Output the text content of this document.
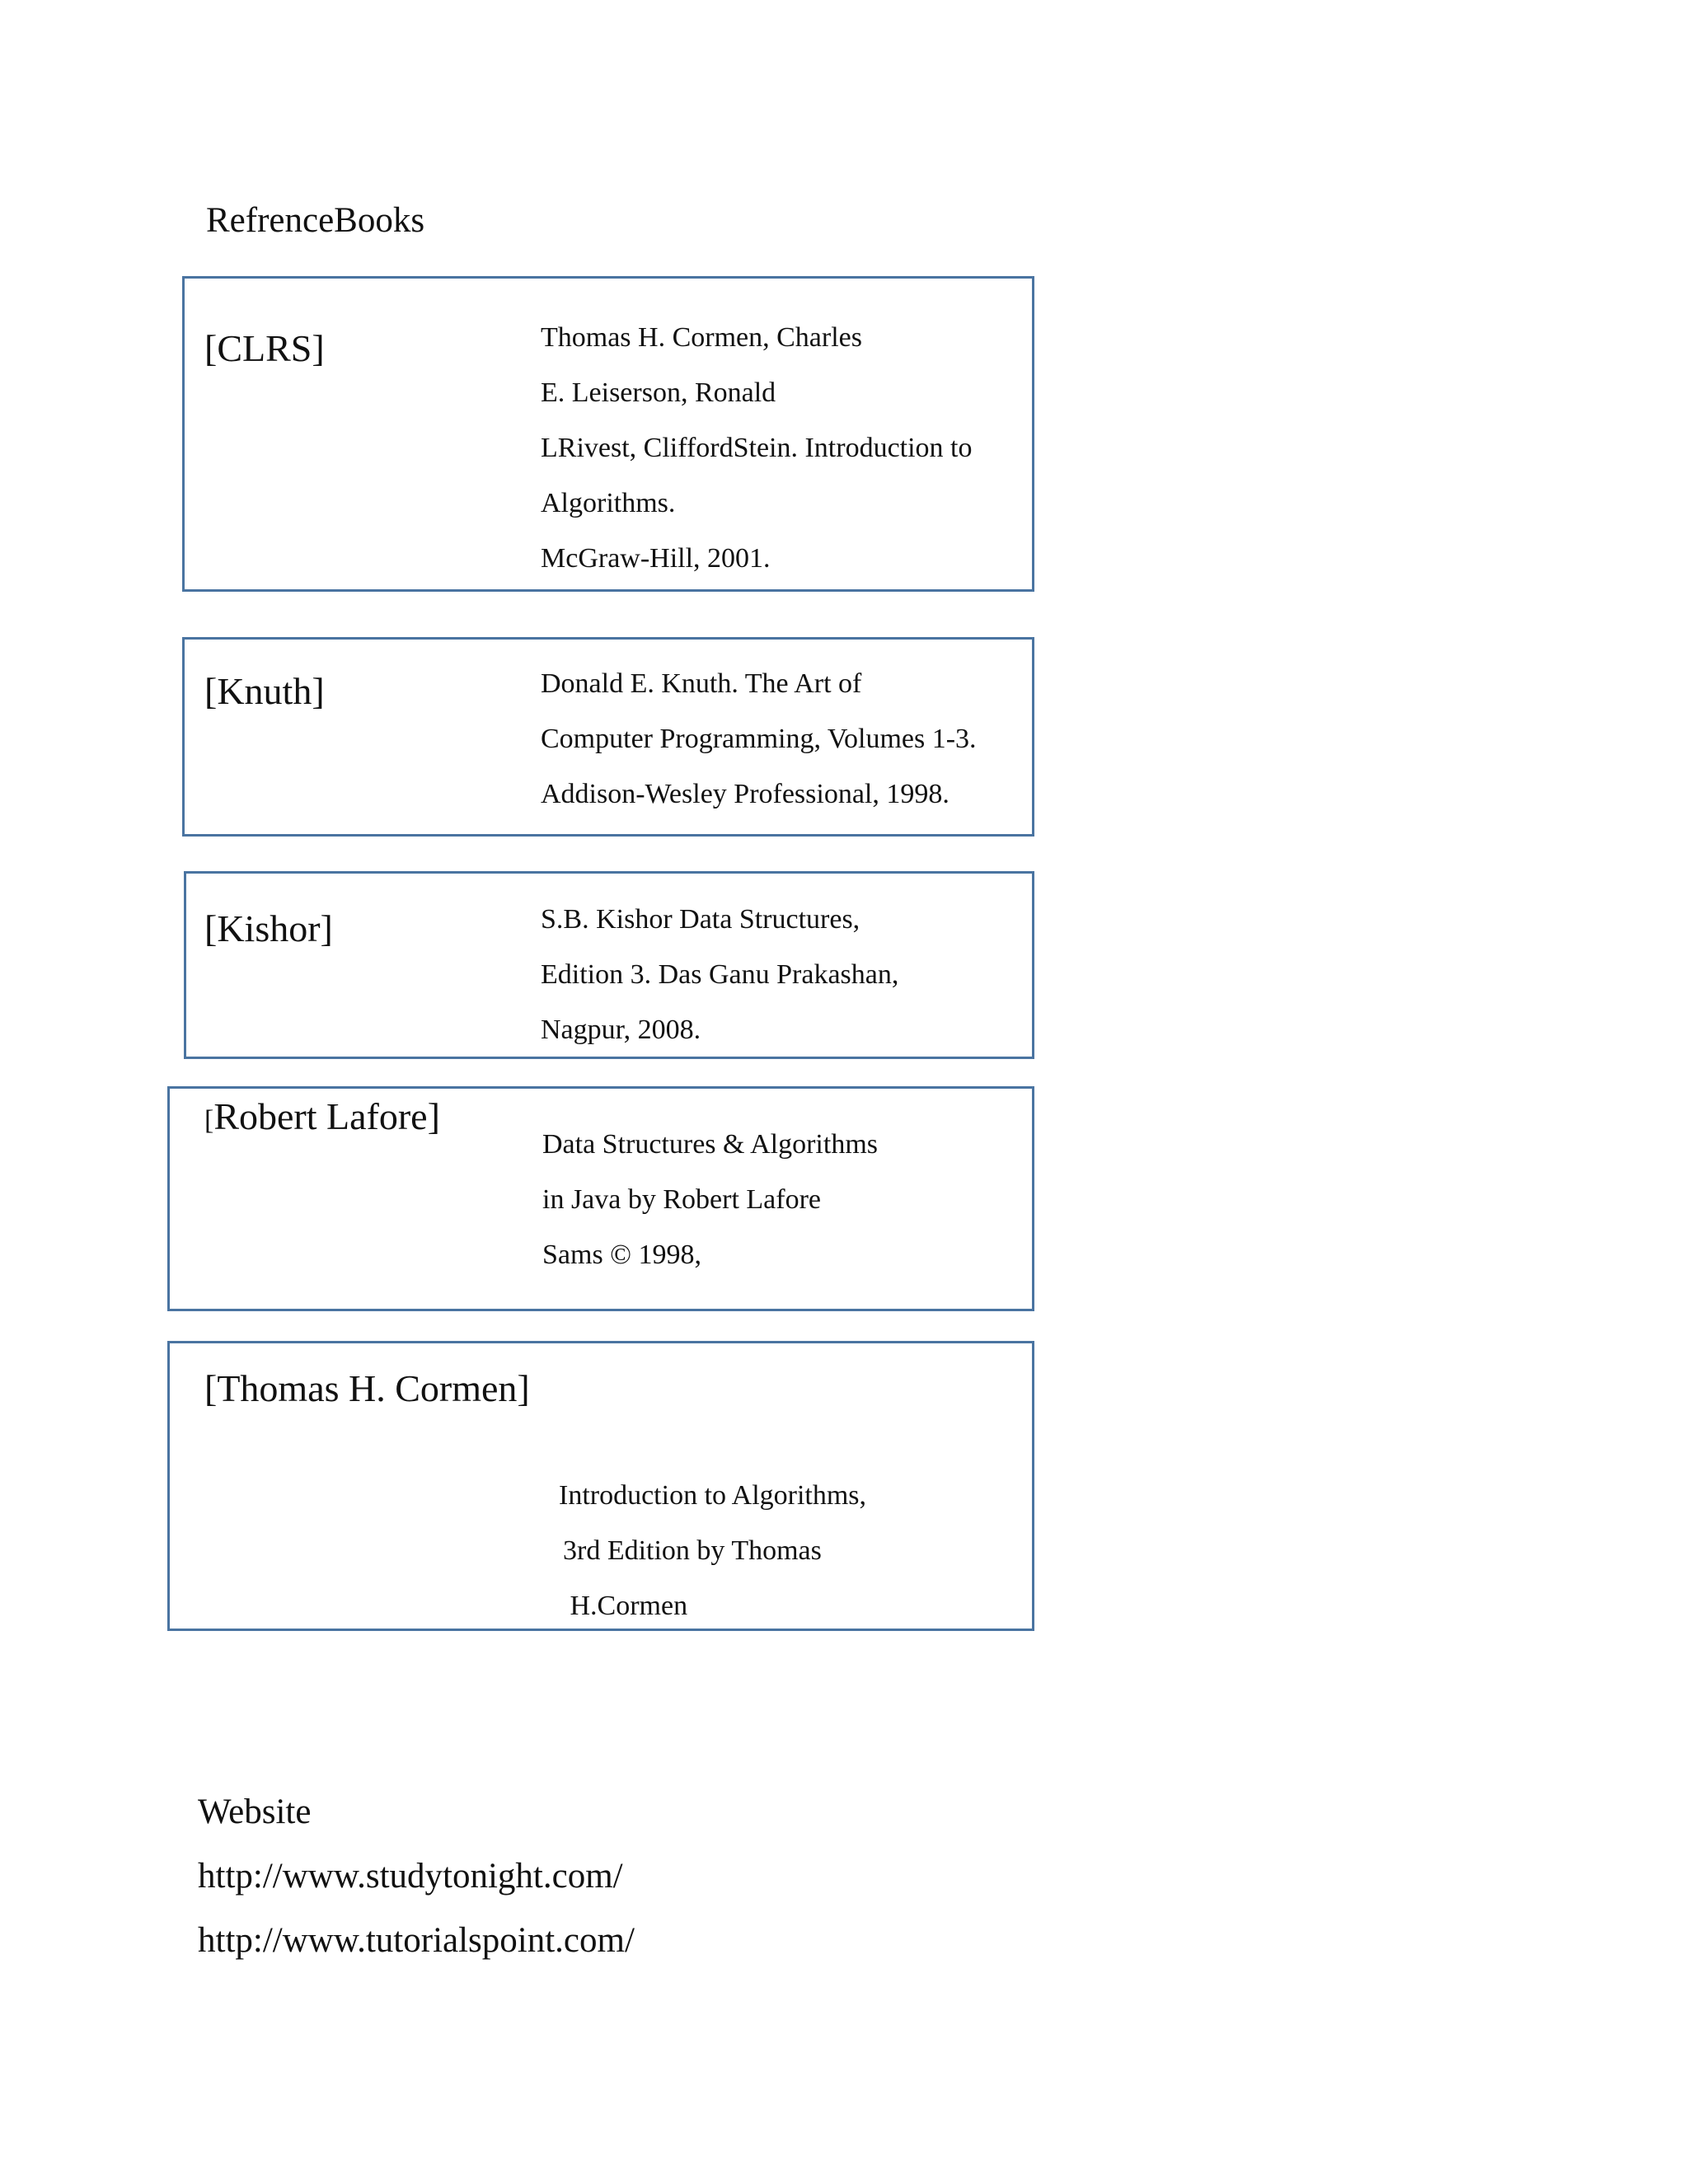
RefrenceBooks
[CLRS]	Thomas H. Cormen, Charles
E. Leiserson, Ronald
LRivest, CliffordStein. Introduction to
Algorithms.
McGraw-Hill, 2001.
[Knuth]	Donald E. Knuth. The Art of
Computer Programming, Volumes 1-3.
Addison-Wesley Professional, 1998.
[Kishor]	S.B. Kishor Data Structures,
Edition 3. Das Ganu Prakashan,
Nagpur, 2008.
[Robert Lafore]
Data Structures & Algorithms
in Java by Robert Lafore
Sams © 1998,
[Thomas H. Cormen]
Introduction to Algorithms,
3rd Edition by Thomas
H.Cormen
Website
http://www.studytonight.com/
http://www.tutorialspoint.com/
